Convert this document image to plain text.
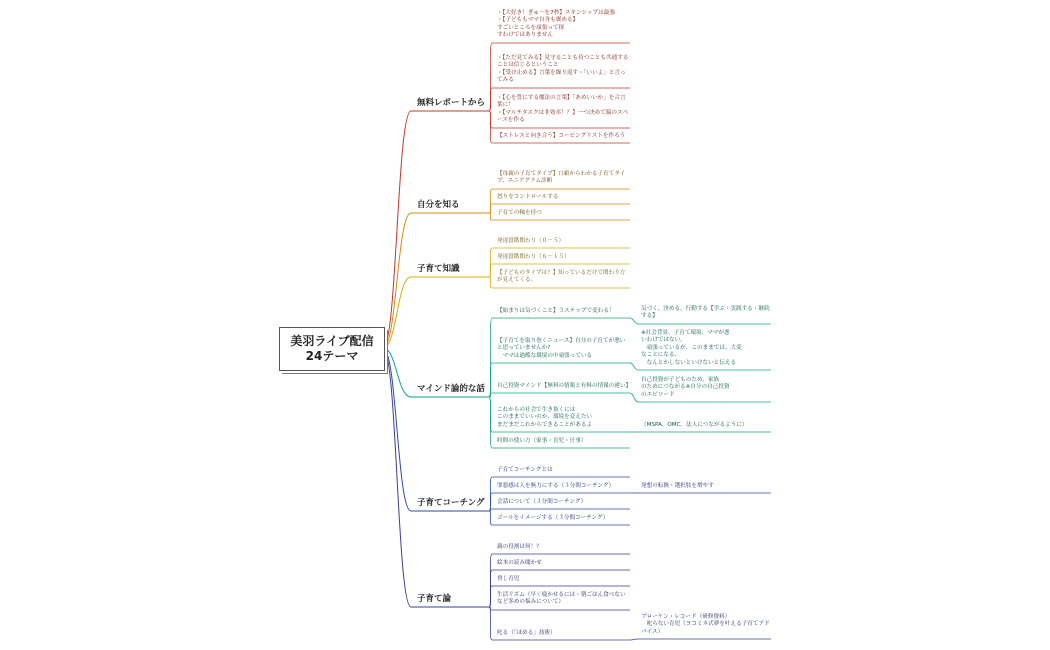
美羽ライブ配信
24テーマ
無料レポートから
・【大好き！ぎゅ～を7秒】スキンシップは最強
・【子どももママ自身も褒める】
すごいところを頑張って探
すわけではありません
・【ただ見てみる】見守ることも待つことも共通することは信じるということ
・【受け止める】言葉を繰り返す・「いいよ」と言ってみる
・【心を豊にする魔法の言葉】「あめいいか」を合言葉に！
・【マルチタスクは非効率！？】一つ決めて脳のスペースを作る
【ストレスと向き合う】コーピングリストを作ろう
自分を知る
【母親の子育てタイプ】口癖からわかる子育てタイプ、エニアグラム診断
怒りをコントロールする
子育ての軸を持つ
子育て知識
発達段階関わり（０－５）
発達段階関わり（６－１５）
【子どものタイプは？】知っているだけで関わり方が見えてくる。
マインド論的な話
【始まりは気づくこと】３ステップで変わる！	気づく、決める、行動する【学ぶ・実践する・継続する】
【子育てを取り巻くニュース】自分の子育てが悪いと思っていませんか?
　ママは過酷な環境の中頑張っている
※社会背景、子育て環境、ママが悪
いわけではない。
　頑張っているが、このままでは、大変
なことになる、
　なんとかしないといけないと伝える
自己投資マインド【無料の情報と有料の情報の違い】
自己投資が子どものため、家族
のためにつながる※自分の自己投資
のエピソード
これからの社会で生き抜くには
このままでいいのか、環境を変えたい
まだまだこれからできることがあるよ	（MSPA、OMC、法人につながるように）
時間の使い方（家事・育児・仕事）
子育てコーチング
子育てコーチングとは
罪悪感は人を無力にする（３分間コーチング）	発想の転換・選択肢を増やす
会話について（３分間コーチング）
ゴールをイメージする（３分間コーチング）
子育て論
親の役割は何！？
絵本の読み聞かせ
脅し育児
生活リズム（早く寝かせるには・朝ごはん食べないなど多めの悩みについて）
叱る（「ほめる」技術）
ブローケン・レコード（研修資料）
　叱らない育児（ヨコミネ式夢を叶える子育てアドバイス）
